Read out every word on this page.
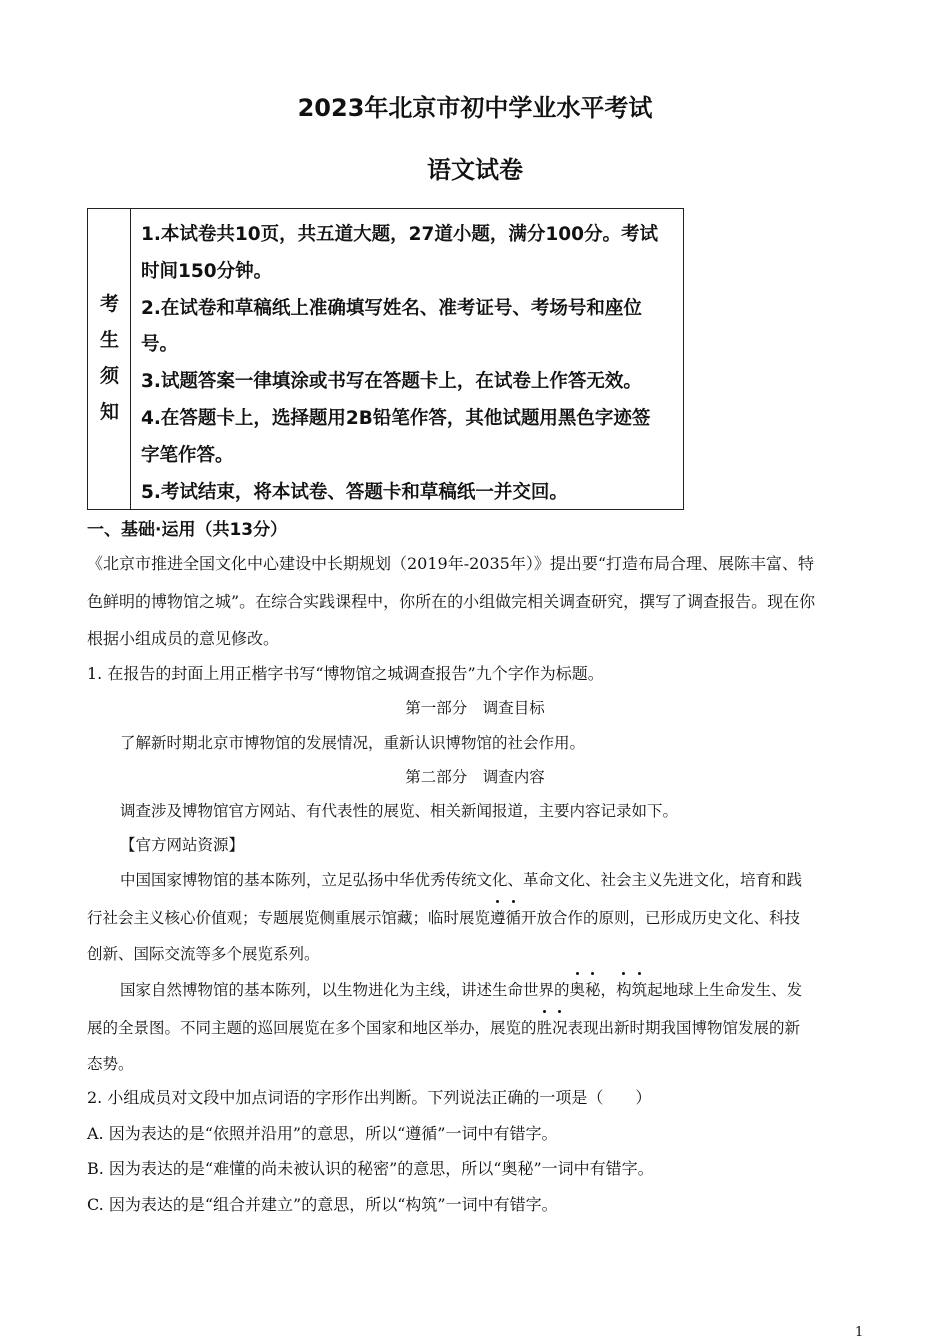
2023年北京市初中学业水平考试
语文试卷
考
生
须
知
1.本试卷共10页，共五道大题，27道小题，满分100分。考试
时间150分钟。
2.在试卷和草稿纸上准确填写姓名、准考证号、考场号和座位
号。
3.试题答案一律填涂或书写在答题卡上，在试卷上作答无效。
4.在答题卡上，选择题用2B铅笔作答，其他试题用黑色字迹签
字笔作答。
5.考试结束，将本试卷、答题卡和草稿纸一并交回。
一、基础·运用（共13分）
《北京市推进全国文化中心建设中长期规划（2019年-2035年）》提出要“打造布局合理、展陈丰富、特
色鲜明的博物馆之城”。在综合实践课程中，你所在的小组做完相关调查研究，撰写了调查报告。现在你
根据小组成员的意见修改。
1. 在报告的封面上用正楷字书写“博物馆之城调查报告”九个字作为标题。
第一部分　调查目标
了解新时期北京市博物馆的发展情况，重新认识博物馆的社会作用。
第二部分　调查内容
调查涉及博物馆官方网站、有代表性的展览、相关新闻报道，主要内容记录如下。
【官方网站资源】
中国国家博物馆的基本陈列，立足弘扬中华优秀传统文化、革命文化、社会主义先进文化，培育和践
行社会主义核心价值观；专题展览侧重展示馆藏；临时展览遵循开放合作的原则，已形成历史文化、科技
创新、国际交流等多个展览系列。
国家自然博物馆的基本陈列，以生物进化为主线，讲述生命世界的奥秘，构筑起地球上生命发生、发
展的全景图。不同主题的巡回展览在多个国家和地区举办，展览的胜况表现出新时期我国博物馆发展的新
态势。
2. 小组成员对文段中加点词语的字形作出判断。下列说法正确的一项是（　　）
A. 因为表达的是“依照并沿用”的意思，所以“遵循”一词中有错字。
B. 因为表达的是“难懂的尚未被认识的秘密”的意思，所以“奥秘”一词中有错字。
C. 因为表达的是“组合并建立”的意思，所以“构筑”一词中有错字。
1
